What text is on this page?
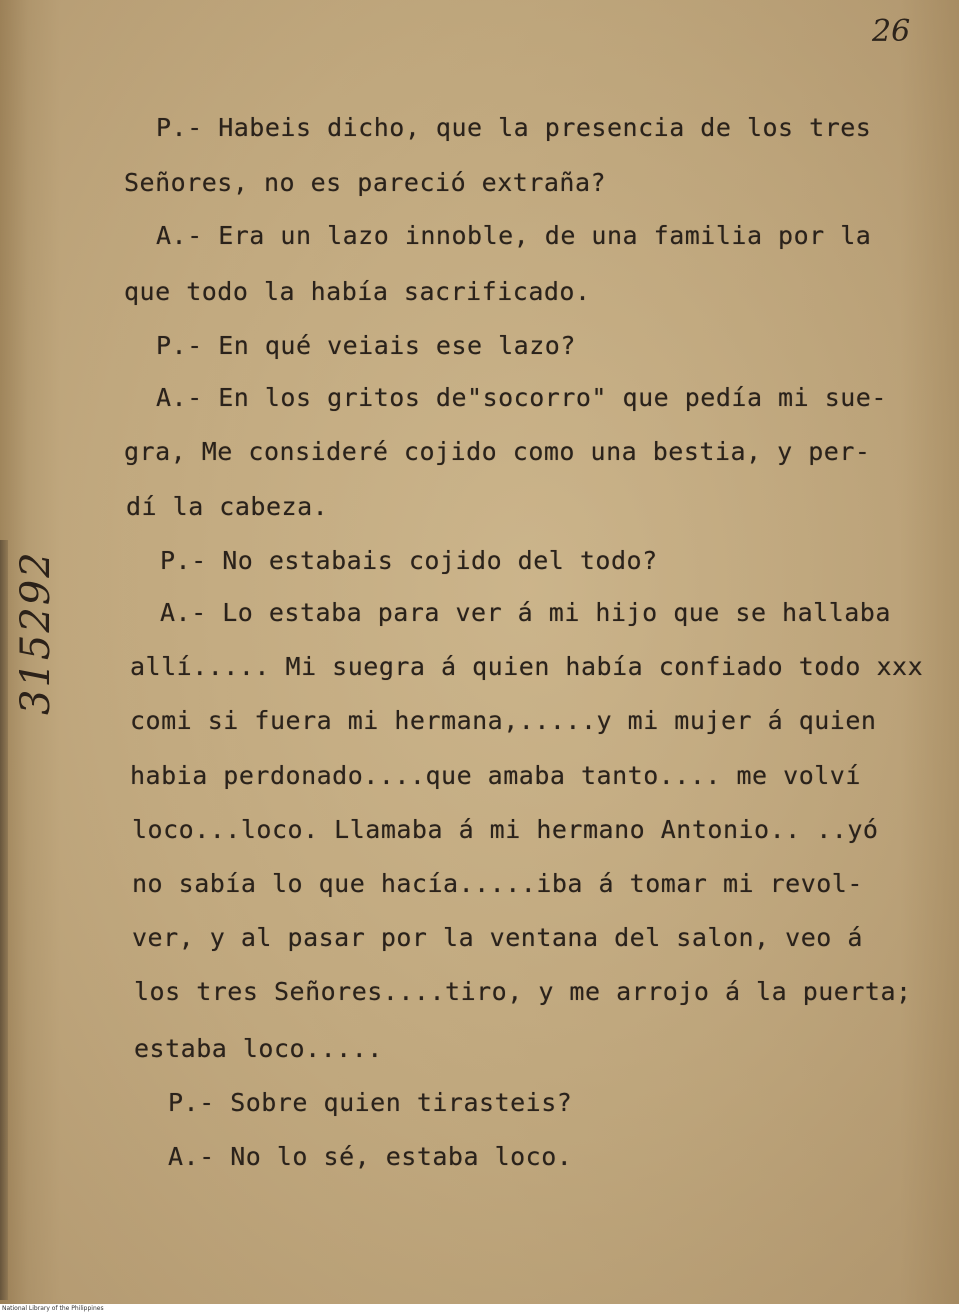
26

315292

P.- Habeis dicho, que la presencia de los tres

Señores, no es pareció extraña?

A.- Era un lazo innoble, de una familia por la

que todo la había sacrificado.

P.- En qué veiais ese lazo?

A.- En los gritos de"socorro" que pedía mi sue-

gra, Me consideré cojido como una bestia, y per-

dí la cabeza.

P.- No estabais cojido del todo?

A.- Lo estaba para ver á mi hijo que se hallaba

allí..... Mi suegra á quien había confiado todo xxx

comi si fuera mi hermana,.....y mi mujer á quien

habia perdonado....que amaba tanto.... me volví

loco...loco. Llamaba á mi hermano Antonio.. ..yó

no sabía lo que hacía.....iba á tomar mi revol-

ver, y al pasar por la ventana del salon, veo á

los tres Señores....tiro, y me arrojo á la puerta;

estaba loco.....

P.- Sobre quien tirasteis?

A.- No lo sé, estaba loco.

National Library of the Philippines
